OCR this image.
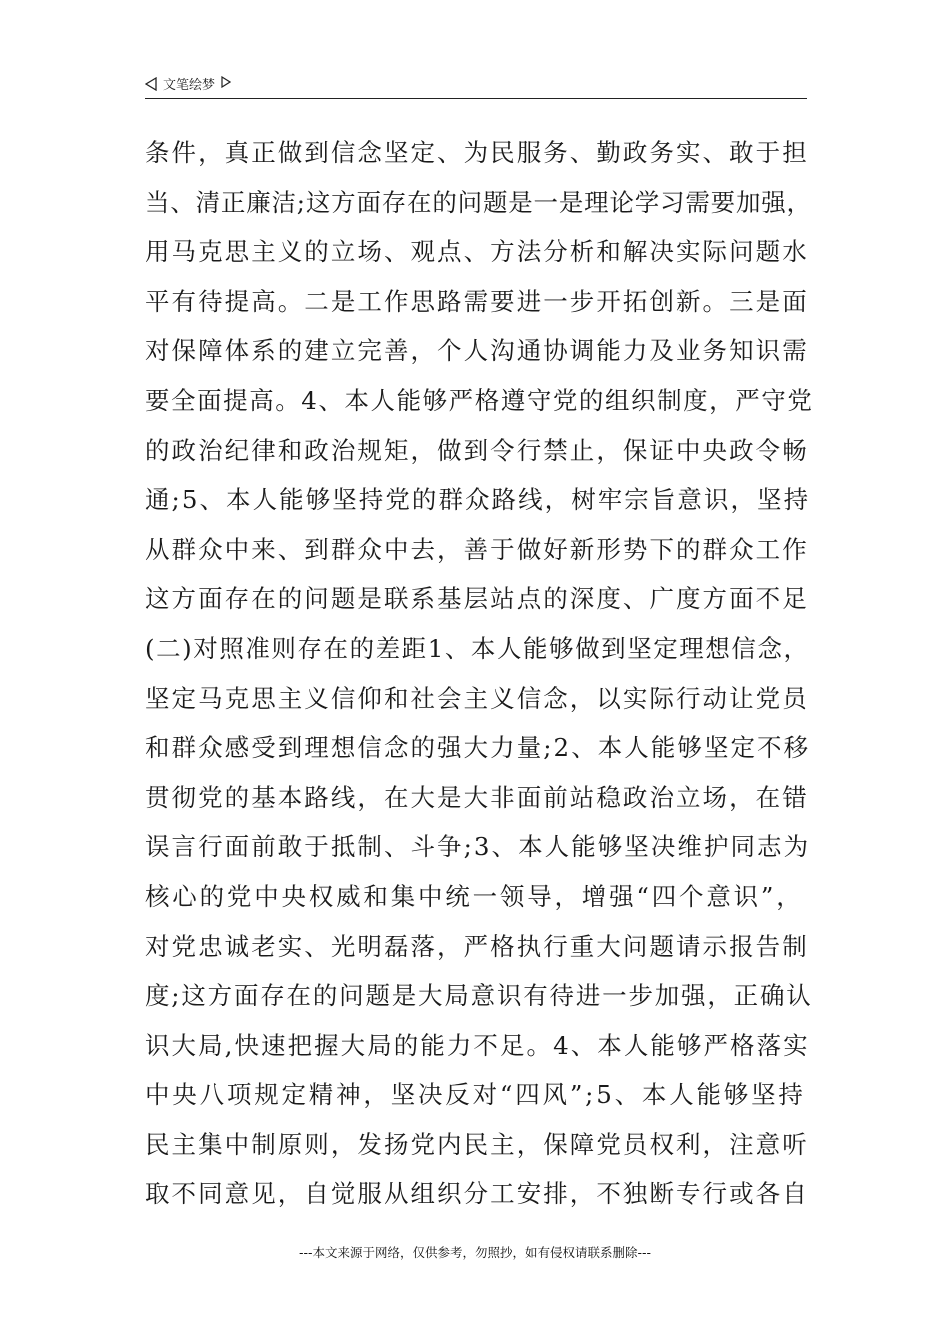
文笔绘梦
条件，真正做到信念坚定、为民服务、勤政务实、敢于担
当、清正廉洁;这方面存在的问题是一是理论学习需要加强，
用马克思主义的立场、观点、方法分析和解决实际问题水
平有待提高。二是工作思路需要进一步开拓创新。三是面
对保障体系的建立完善，个人沟通协调能力及业务知识需
要全面提高。4、本人能够严格遵守党的组织制度，严守党
的政治纪律和政治规矩，做到令行禁止，保证中央政令畅
通;5、本人能够坚持党的群众路线，树牢宗旨意识，坚持
从群众中来、到群众中去，善于做好新形势下的群众工作
这方面存在的问题是联系基层站点的深度、广度方面不足
(二)对照准则存在的差距1、本人能够做到坚定理想信念，
坚定马克思主义信仰和社会主义信念，以实际行动让党员
和群众感受到理想信念的强大力量;2、本人能够坚定不移
贯彻党的基本路线，在大是大非面前站稳政治立场，在错
误言行面前敢于抵制、斗争;3、本人能够坚决维护同志为
核心的党中央权威和集中统一领导，增强“四个意识”，
对党忠诚老实、光明磊落，严格执行重大问题请示报告制
度;这方面存在的问题是大局意识有待进一步加强，正确认
识大局,快速把握大局的能力不足。4、本人能够严格落实
中央八项规定精神，坚决反对“四风”;5、本人能够坚持
民主集中制原则，发扬党内民主，保障党员权利，注意听
取不同意见，自觉服从组织分工安排，不独断专行或各自
---本文来源于网络，仅供参考，勿照抄，如有侵权请联系删除---
